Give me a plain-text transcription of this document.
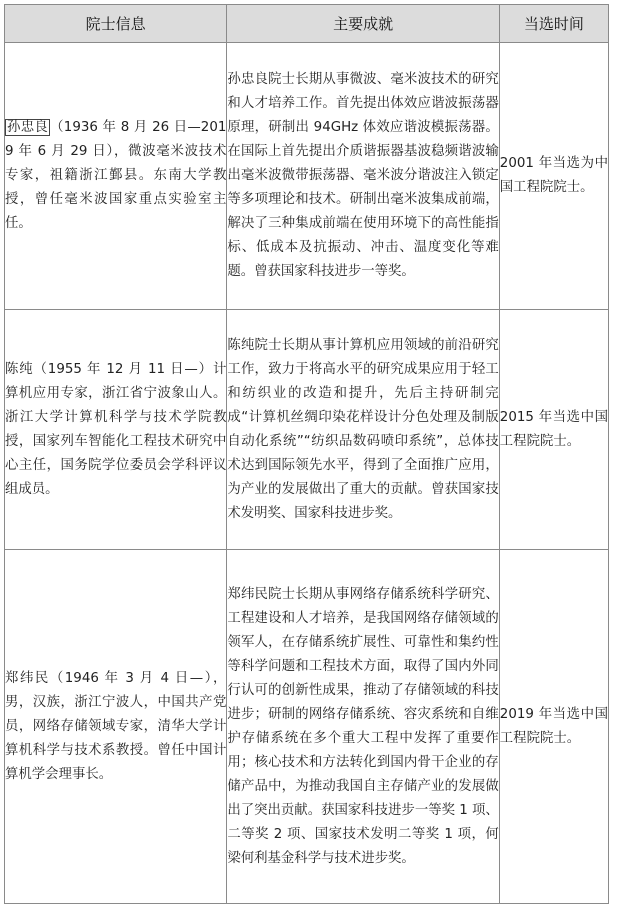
院士信息	主要成就	当选时间

孙忠良 （1936 年 8 月 26 日—2019 年 6 月 29 日），微波毫米波技术专家，祖籍浙江鄞县。东南大学教授，曾任毫米波国家重点实验室主任。	孙忠良院士长期从事微波、毫米波技术的研究和人才培养工作。首先提出体效应谐波振荡器原理，研制出 94GHz 体效应谐波模振荡器。在国际上首先提出介质谐振器基波稳频谐波输出毫米波微带振荡器、毫米波分谐波注入锁定等多项理论和技术。研制出毫米波集成前端，解决了三种集成前端在使用环境下的高性能指标、低成本及抗振动、冲击、温度变化等难题。曾获国家科技进步一等奖。	2001 年当选为中国工程院院士。

陈纯（1955 年 12 月 11 日—）计算机应用专家，浙江省宁波象山人。浙江大学计算机科学与技术学院教授，国家列车智能化工程技术研究中心主任，国务院学位委员会学科评议组成员。	陈纯院士长期从事计算机应用领域的前沿研究工作，致力于将高水平的研究成果应用于轻工和纺织业的改造和提升，先后主持研制完成“计算机丝绸印染花样设计分色处理及制版自动化系统”“纺织品数码喷印系统”，总体技术达到国际领先水平，得到了全面推广应用，为产业的发展做出了重大的贡献。曾获国家技术发明奖、国家科技进步奖。	2015 年当选中国工程院院士。

郑纬民（1946 年 3 月 4 日—），男，汉族，浙江宁波人，中国共产党员，网络存储领域专家，清华大学计算机科学与技术系教授。曾任中国计算机学会理事长。	郑纬民院士长期从事网络存储系统科学研究、工程建设和人才培养，是我国网络存储领域的领军人，在存储系统扩展性、可靠性和集约性等科学问题和工程技术方面，取得了国内外同行认可的创新性成果，推动了存储领域的科技进步；研制的网络存储系统、容灾系统和自维护存储系统在多个重大工程中发挥了重要作用；核心技术和方法转化到国内骨干企业的存储产品中，为推动我国自主存储产业的发展做出了突出贡献。获国家科技进步一等奖 1 项、二等奖 2 项、国家技术发明二等奖 1 项，何梁何利基金科学与技术进步奖。	2019 年当选中国工程院院士。
